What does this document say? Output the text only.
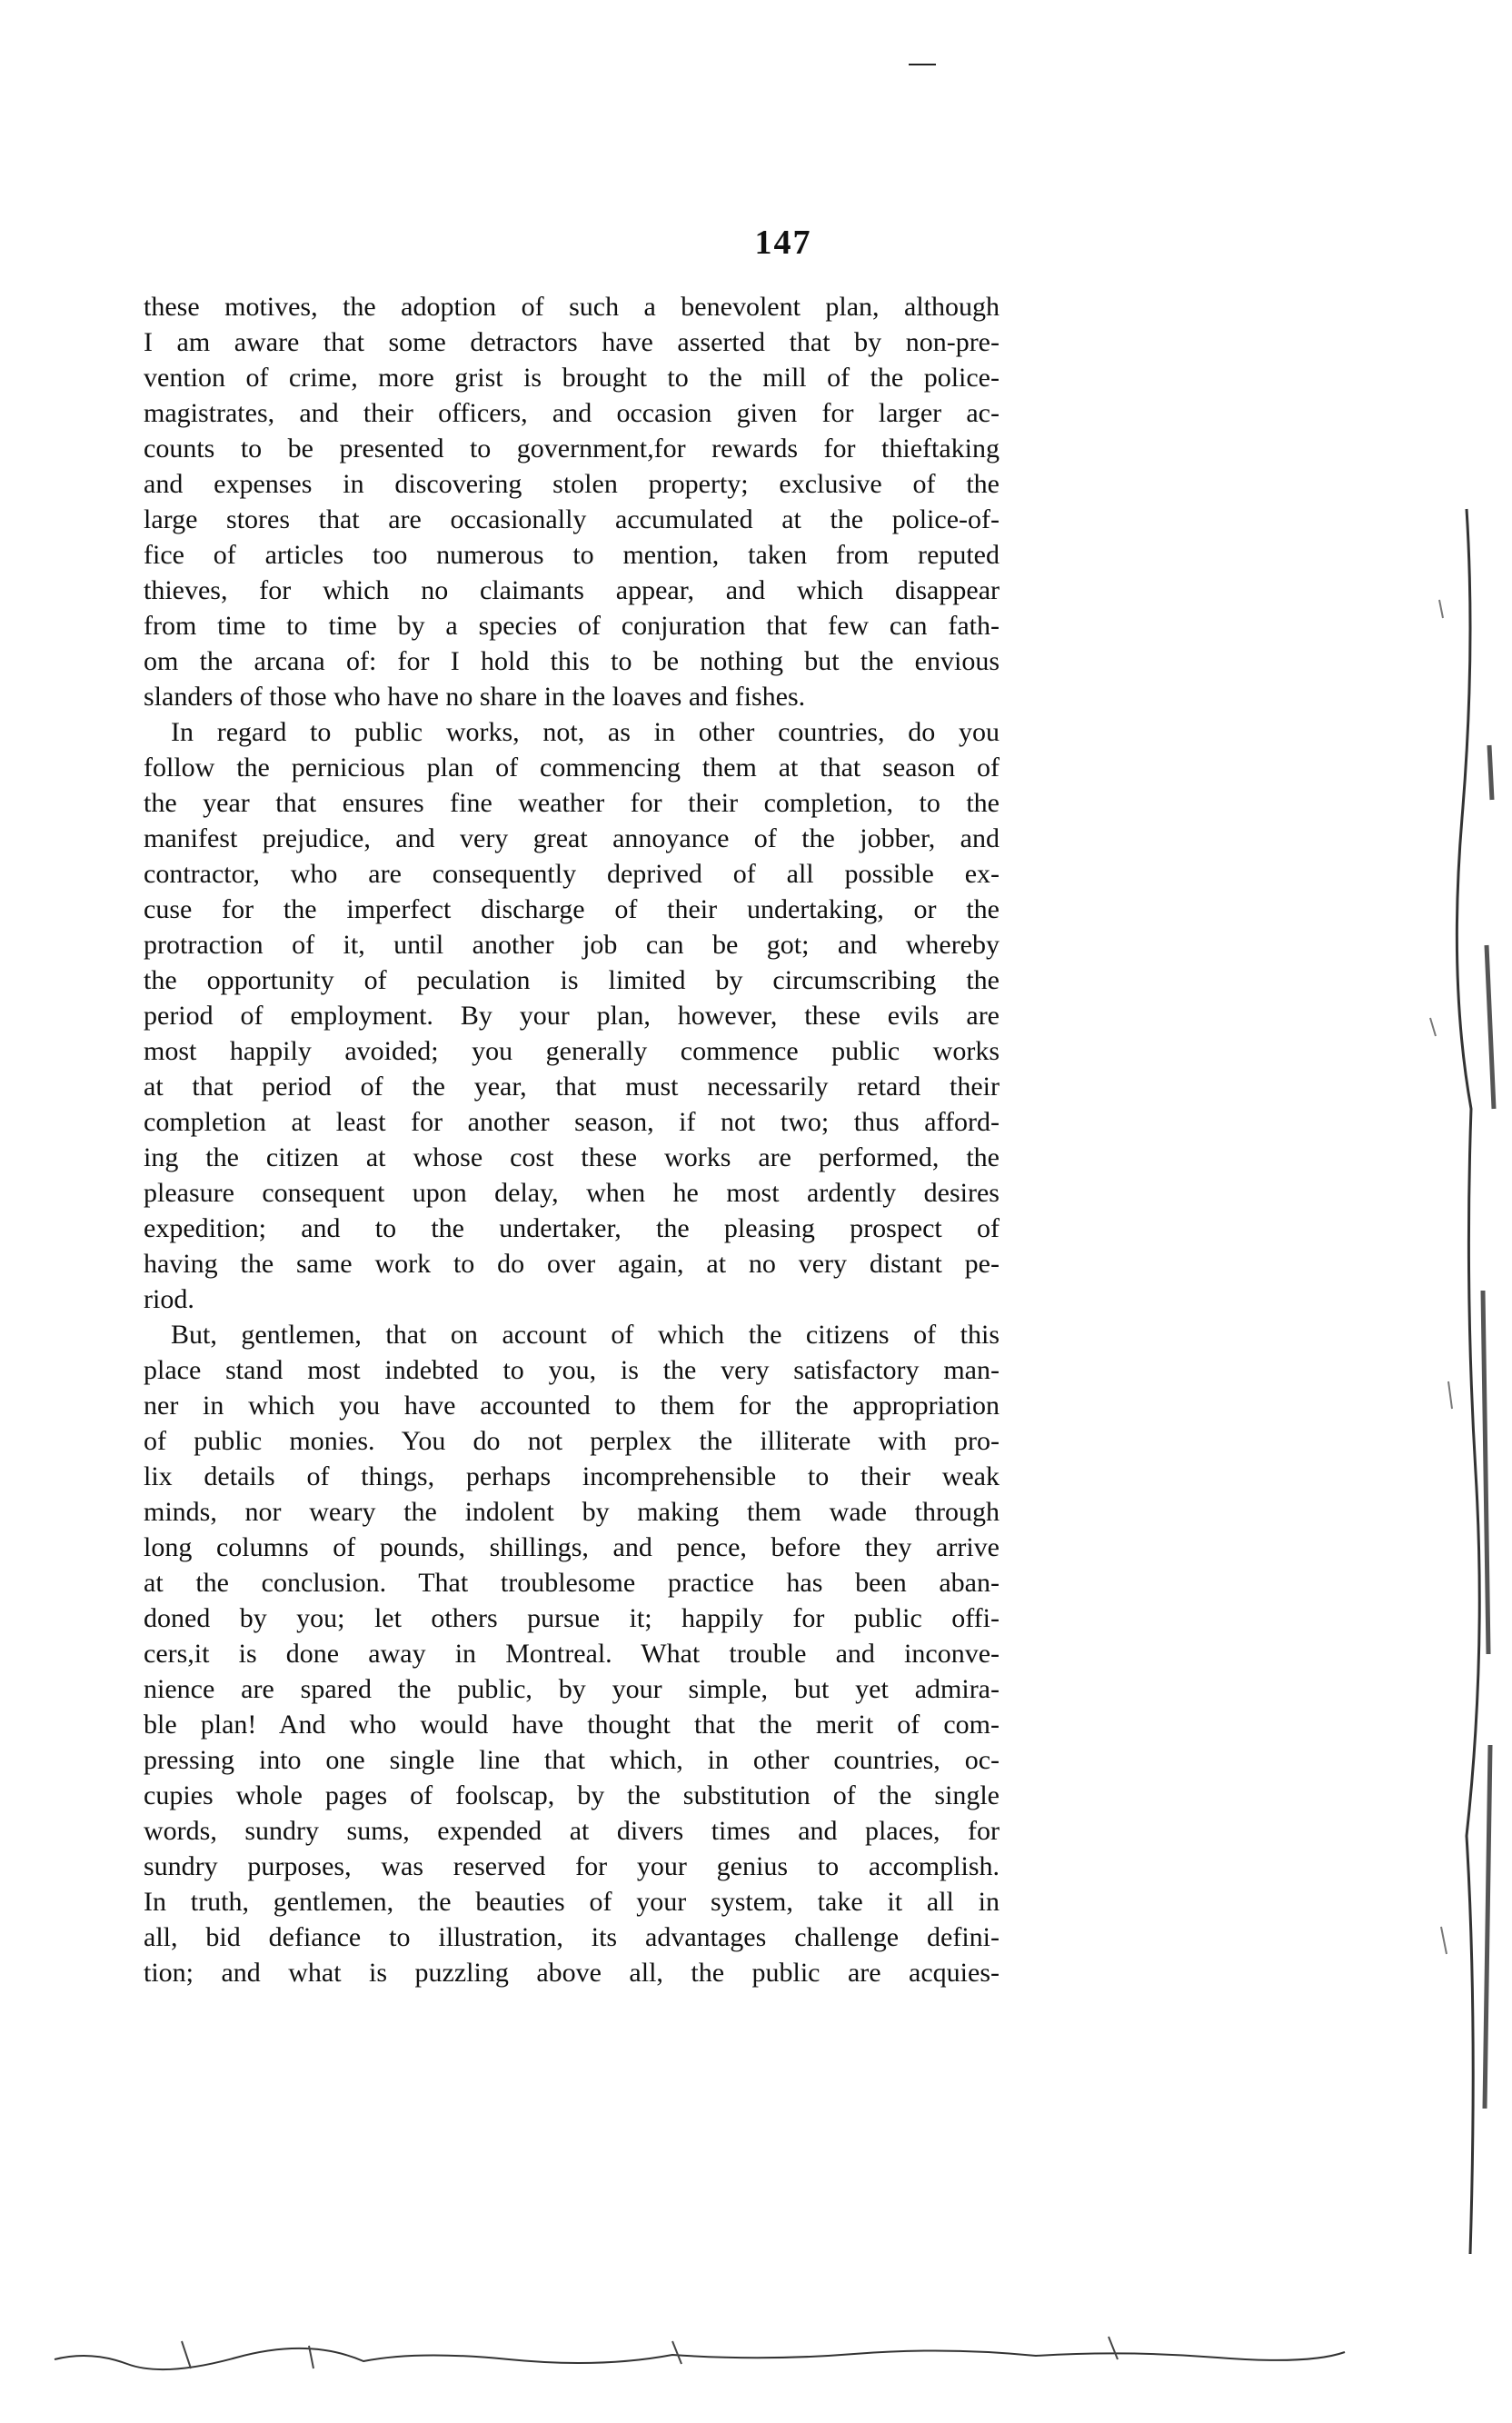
147
these motives, the adoption of such a benevolent plan, although
I am aware that some detractors have asserted that by non-pre-
vention of crime, more grist is brought to the mill of the police-
magistrates, and their officers, and occasion given for larger ac-
counts to be presented to government,for rewards for thieftaking
and expenses in discovering stolen property; exclusive of the
large stores that are occasionally accumulated at the police-of-
fice of articles too numerous to mention, taken from reputed
thieves, for which no claimants appear, and which disappear
from time to time by a species of conjuration that few can fath-
om the arcana of: for I hold this to be nothing but the envious
slanders of those who have no share in the loaves and fishes.
In regard to public works, not, as in other countries, do you
follow the pernicious plan of commencing them at that season of
the year that ensures fine weather for their completion, to the
manifest prejudice, and very great annoyance of the jobber, and
contractor, who are consequently deprived of all possible ex-
cuse for the imperfect discharge of their undertaking, or the
protraction of it, until another job can be got; and whereby
the opportunity of peculation is limited by circumscribing the
period of employment. By your plan, however, these evils are
most happily avoided; you generally commence public works
at that period of the year, that must necessarily retard their
completion at least for another season, if not two; thus afford-
ing the citizen at whose cost these works are performed, the
pleasure consequent upon delay, when he most ardently desires
expedition; and to the undertaker, the pleasing prospect of
having the same work to do over again, at no very distant pe-
riod.
But, gentlemen, that on account of which the citizens of this
place stand most indebted to you, is the very satisfactory man-
ner in which you have accounted to them for the appropriation
of public monies. You do not perplex the illiterate with pro-
lix details of things, perhaps incomprehensible to their weak
minds, nor weary the indolent by making them wade through
long columns of pounds, shillings, and pence, before they arrive
at the conclusion. That troublesome practice has been aban-
doned by you; let others pursue it; happily for public offi-
cers,it is done away in Montreal. What trouble and inconve-
nience are spared the public, by your simple, but yet admira-
ble plan! And who would have thought that the merit of com-
pressing into one single line that which, in other countries, oc-
cupies whole pages of foolscap, by the substitution of the single
words, sundry sums, expended at divers times and places, for
sundry purposes, was reserved for your genius to accomplish.
In truth, gentlemen, the beauties of your system, take it all in
all, bid defiance to illustration, its advantages challenge defini-
tion; and what is puzzling above all, the public are acquies-
